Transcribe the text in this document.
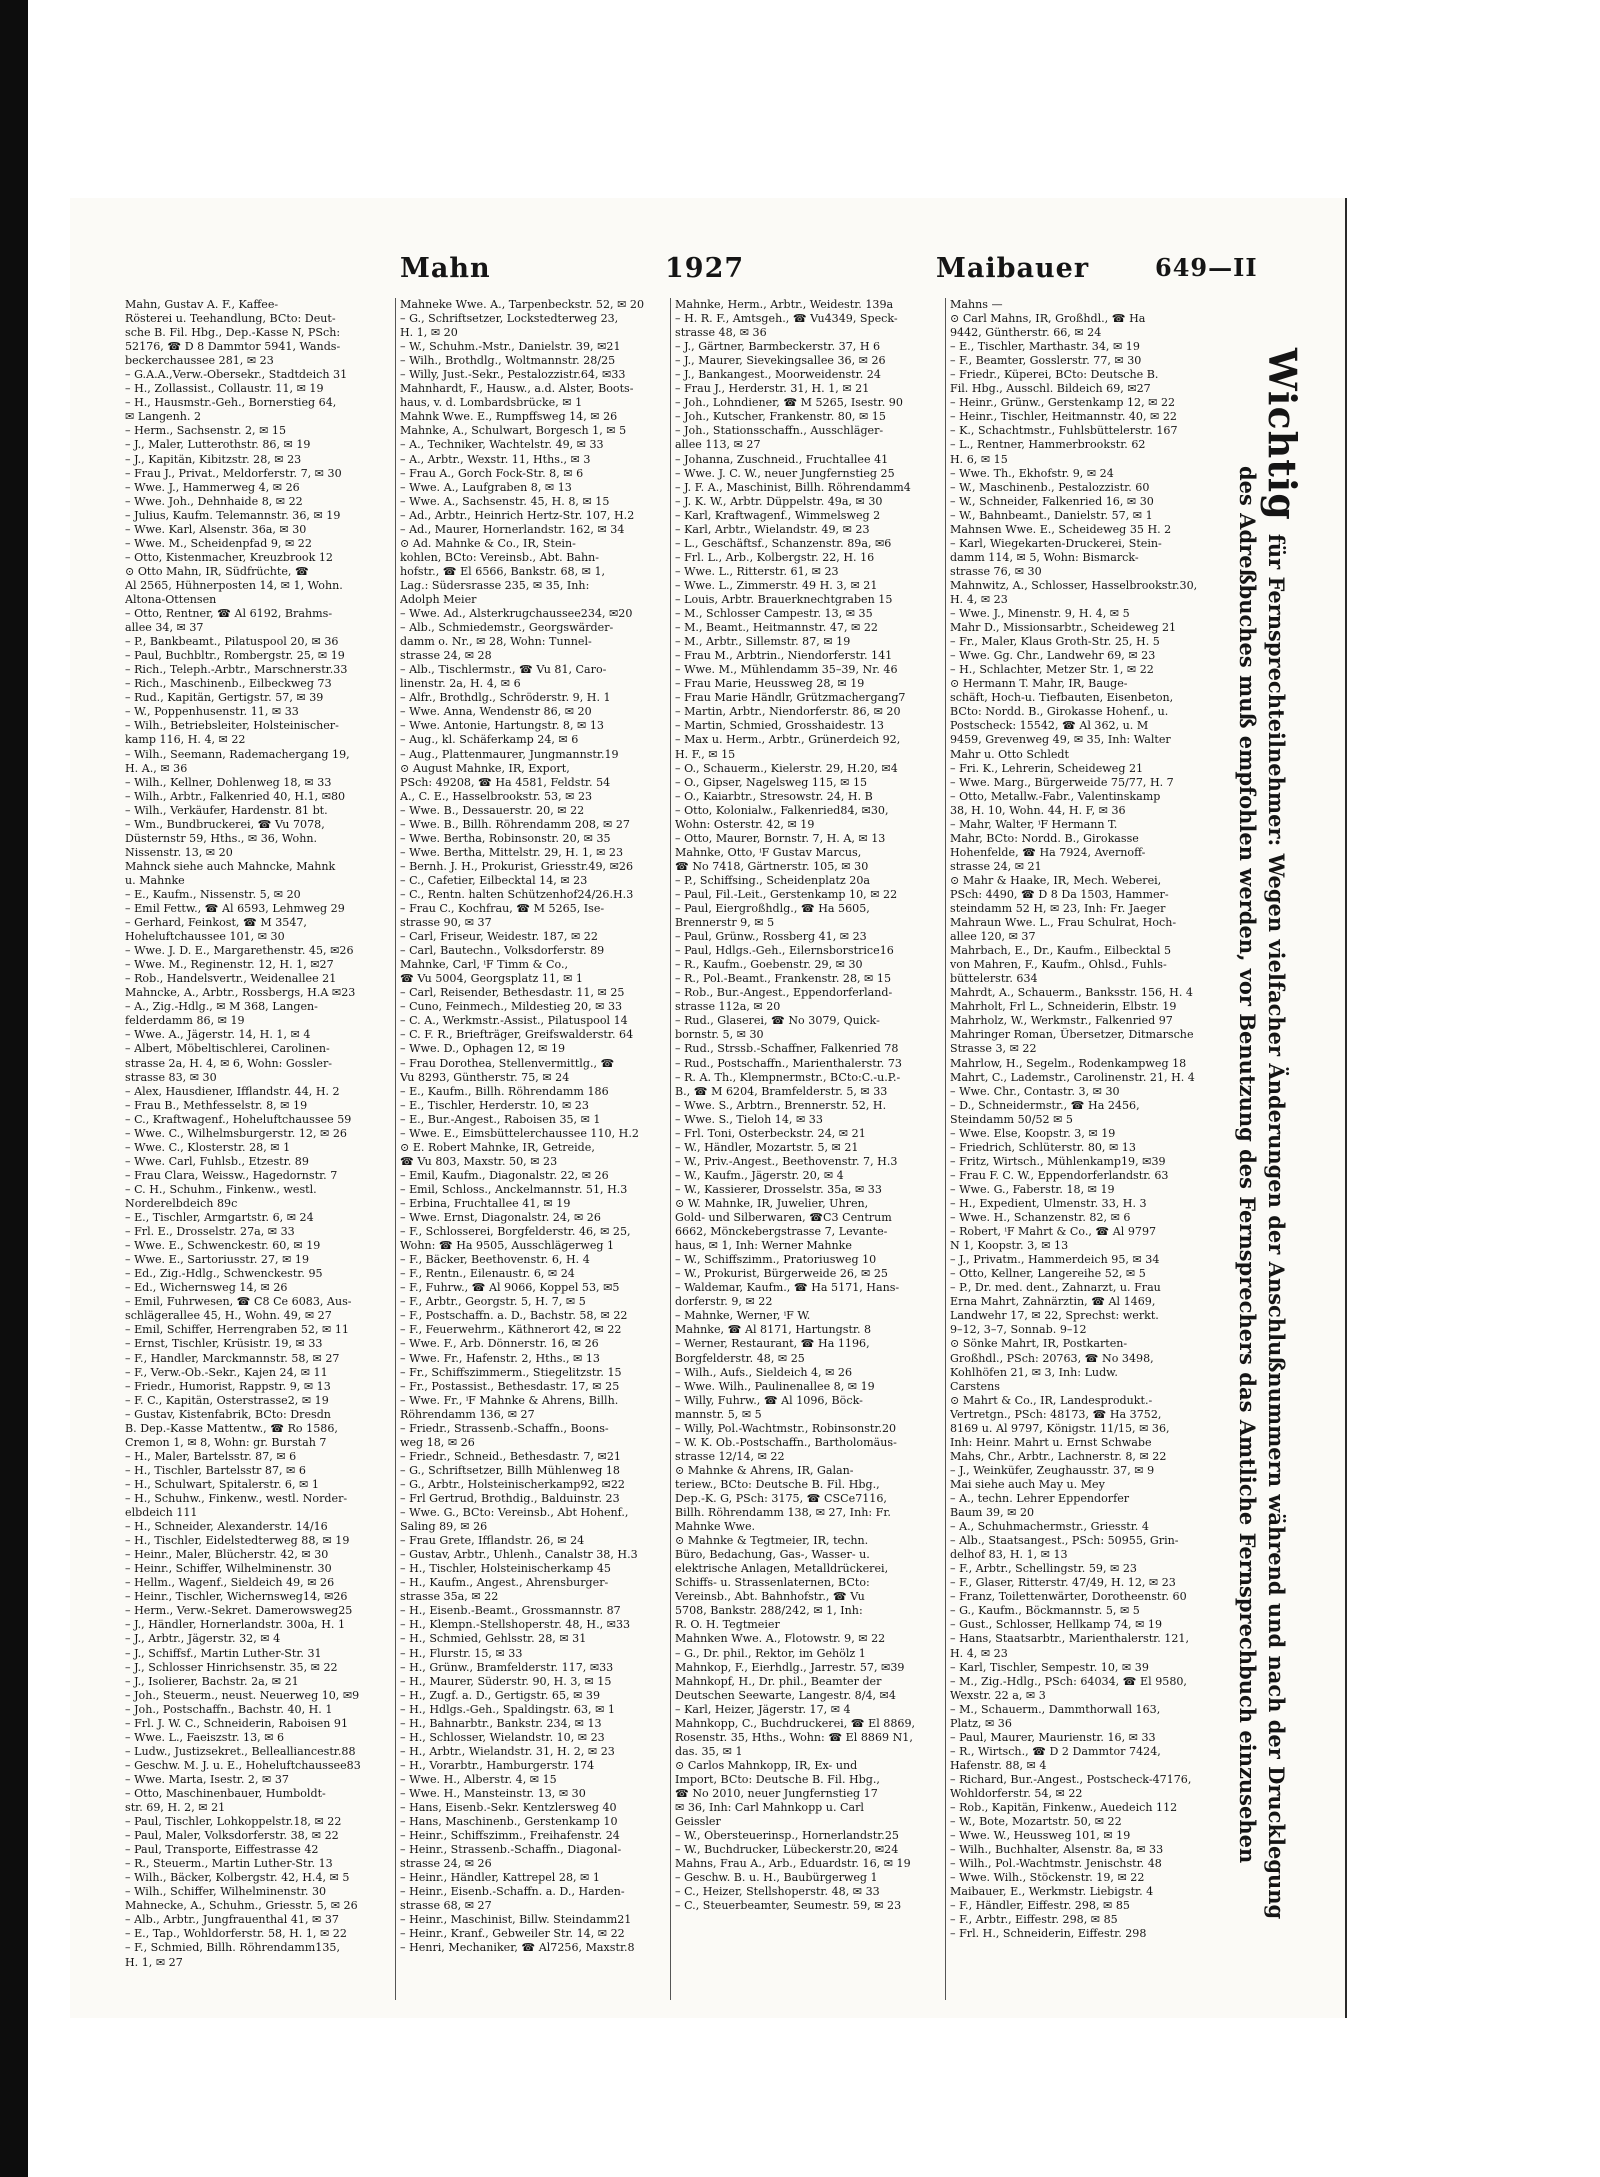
Mahn	1927	Maibauer	649—II
Mahn, Gustav A. F., Kaffee-
Rösterei u. Teehandlung, BCto: Deut-
sche B. Fil. Hbg., Dep.-Kasse N, PSch:
52176, ☎ D 8 Dammtor 5941, Wands-
beckerchaussee 281, ✉ 23
– G.A.A.,Verw.-Obersekr., Stadtdeich 31
– H., Zollassist., Collaustr. 11, ✉ 19
– H., Hausmstr.-Geh., Bornerstieg 64,
✉ Langenh. 2
– Herm., Sachsenstr. 2, ✉ 15
– J., Maler, Lutterothstr. 86, ✉ 19
– J., Kapitän, Kibitzstr. 28, ✉ 23
– Frau J., Privat., Meldorferstr. 7, ✉ 30
– Wwe. J., Hammerweg 4, ✉ 26
– Wwe. Joh., Dehnhaide 8, ✉ 22
– Julius, Kaufm. Telemannstr. 36, ✉ 19
– Wwe. Karl, Alsenstr. 36a, ✉ 30
– Wwe. M., Scheidenpfad 9, ✉ 22
– Otto, Kistenmacher, Kreuzbrook 12
⊙ Otto Mahn, IR, Südfrüchte, ☎
Al 2565, Hühnerposten 14, ✉ 1, Wohn.
Altona-Ottensen
– Otto, Rentner, ☎ Al 6192, Brahms-
allee 34, ✉ 37
– P., Bankbeamt., Pilatuspool 20, ✉ 36
– Paul, Buchbltr., Rombergstr. 25, ✉ 19
– Rich., Teleph.-Arbtr., Marschnerstr.33
– Rich., Maschinenb., Eilbeckweg 73
– Rud., Kapitän, Gertigstr. 57, ✉ 39
– W., Poppenhusenstr. 11, ✉ 33
– Wilh., Betriebsleiter, Holsteinischer-
kamp 116, H. 4, ✉ 22
– Wilh., Seemann, Rademachergang 19,
H. A., ✉ 36
– Wilh., Kellner, Dohlenweg 18, ✉ 33
– Wilh., Arbtr., Falkenried 40, H.1, ✉80
– Wilh., Verkäufer, Hardenstr. 81 bt.
– Wm., Bundbruckerei, ☎ Vu 7078,
Düsternstr 59, Hths., ✉ 36, Wohn.
Nissenstr. 13, ✉ 20
Mahnck siehe auch Mahncke, Mahnk
u. Mahnke
– E., Kaufm., Nissenstr. 5, ✉ 20
– Emil Fettw., ☎ Al 6593, Lehmweg 29
– Gerhard, Feinkost, ☎ M 3547,
Hoheluftchaussee 101, ✉ 30
– Wwe. J. D. E., Margarethenstr. 45, ✉26
– Wwe. M., Reginenstr. 12, H. 1, ✉27
– Rob., Handelsvertr., Weidenallee 21
Mahncke, A., Arbtr., Rossbergs, H.A ✉23
– A., Zig.-Hdlg., ✉ M 368, Langen-
felderdamm 86, ✉ 19
– Wwe. A., Jägerstr. 14, H. 1, ✉ 4
– Albert, Möbeltischlerei, Carolinen-
strasse 2a, H. 4, ✉ 6, Wohn: Gossler-
strasse 83, ✉ 30
– Alex, Hausdiener, Ifflandstr. 44, H. 2
– Frau B., Methfesselstr. 8, ✉ 19
– C., Kraftwagenf., Hoheluftchaussee 59
– Wwe. C., Wilhelmsburgerstr. 12, ✉ 26
– Wwe. C., Klosterstr. 28, ✉ 1
– Wwe. Carl, Fuhlsb., Etzestr. 89
– Frau Clara, Weissw., Hagedornstr. 7
– C. H., Schuhm., Finkenw., westl.
Norderelbdeich 89c
– E., Tischler, Armgartstr. 6, ✉ 24
– Frl. E., Drosselstr. 27a, ✉ 33
– Wwe. E., Schwenckestr. 60, ✉ 19
– Wwe. E., Sartoriusstr. 27, ✉ 19
– Ed., Zig.-Hdlg., Schwenckestr. 95
– Ed., Wichernsweg 14, ✉ 26
– Emil, Fuhrwesen, ☎ C8 Ce 6083, Aus-
schlägerallee 45, H., Wohn. 49, ✉ 27
– Emil, Schiffer, Herrengraben 52, ✉ 11
– Ernst, Tischler, Krüsistr. 19, ✉ 33
– F., Handler, Marckmannstr. 58, ✉ 27
– F., Verw.-Ob.-Sekr., Kajen 24, ✉ 11
– Friedr., Humorist, Rappstr. 9, ✉ 13
– F. C., Kapitän, Osterstrasse2, ✉ 19
– Gustav, Kistenfabrik, BCto: Dresdn
B. Dep.-Kasse Mattentw., ☎ Ro 1586,
Cremon 1, ✉ 8, Wohn: gr. Burstah 7
– H., Maler, Bartelsstr. 87, ✉ 6
– H., Tischler, Bartelsstr 87, ✉ 6
– H., Schulwart, Spitalerstr. 6, ✉ 1
– H., Schuhw., Finkenw., westl. Norder-
elbdeich 111
– H., Schneider, Alexanderstr. 14/16
– H., Tischler, Eidelstedterweg 88, ✉ 19
– Heinr., Maler, Blücherstr. 42, ✉ 30
– Heinr., Schiffer, Wilhelminenstr. 30
– Hellm., Wagenf., Sieldeich 49, ✉ 26
– Heinr., Tischler, Wichernsweg14, ✉26
– Herm., Verw.-Sekret. Damerowsweg25
– J., Händler, Hornerlandstr. 300a, H. 1
– J., Arbtr., Jägerstr. 32, ✉ 4
– J., Schiffsf., Martin Luther-Str. 31
– J., Schlosser Hinrichsenstr. 35, ✉ 22
– J., Isolierer, Bachstr. 2a, ✉ 21
– Joh., Steuerm., neust. Neuerweg 10, ✉9
– Joh., Postschaffn., Bachstr. 40, H. 1
– Frl. J. W. C., Schneiderin, Raboisen 91
– Wwe. L., Faeiszstr. 13, ✉ 6
– Ludw., Justizsekret., Bellealliancestr.88
– Geschw. M. J. u. E., Hoheluftchaussee83
– Wwe. Marta, Isestr. 2, ✉ 37
– Otto, Maschinenbauer, Humboldt-
str. 69, H. 2, ✉ 21
– Paul, Tischler, Lohkoppelstr.18, ✉ 22
– Paul, Maler, Volksdorferstr. 38, ✉ 22
– Paul, Transporte, Eiffestrasse 42
– R., Steuerm., Martin Luther-Str. 13
– Wilh., Bäcker, Kolbergstr. 42, H.4, ✉ 5
– Wilh., Schiffer, Wilhelminenstr. 30
Mahnecke, A., Schuhm., Griesstr. 5, ✉ 26
– Alb., Arbtr., Jungfrauenthal 41, ✉ 37
– E., Tap., Wohldorferstr. 58, H. 1, ✉ 22
– F., Schmied, Billh. Röhrendamm135,
H. 1, ✉ 27
Mahneke Wwe. A., Tarpenbeckstr. 52, ✉ 20
– G., Schriftsetzer, Lockstedterweg 23,
H. 1, ✉ 20
– W., Schuhm.-Mstr., Danielstr. 39, ✉21
– Wilh., Brothdlg., Woltmannstr. 28/25
– Willy, Just.-Sekr., Pestalozzistr.64, ✉33
Mahnhardt, F., Hausw., a.d. Alster, Boots-
haus, v. d. Lombardsbrücke, ✉ 1
Mahnk Wwe. E., Rumpffsweg 14, ✉ 26
Mahnke, A., Schulwart, Borgesch 1, ✉ 5
– A., Techniker, Wachtelstr. 49, ✉ 33
– A., Arbtr., Wexstr. 11, Hths., ✉ 3
– Frau A., Gorch Fock-Str. 8, ✉ 6
– Wwe. A., Laufgraben 8, ✉ 13
– Wwe. A., Sachsenstr. 45, H. 8, ✉ 15
– Ad., Arbtr., Heinrich Hertz-Str. 107, H.2
– Ad., Maurer, Hornerlandstr. 162, ✉ 34
⊙ Ad. Mahnke & Co., IR, Stein-
kohlen, BCto: Vereinsb., Abt. Bahn-
hofstr., ☎ El 6566, Bankstr. 68, ✉ 1,
Lag.: Südersrasse 235, ✉ 35, Inh:
Adolph Meier
– Wwe. Ad., Alsterkrugchaussee234, ✉20
– Alb., Schmiedemstr., Georgswärder-
damm o. Nr., ✉ 28, Wohn: Tunnel-
strasse 24, ✉ 28
– Alb., Tischlermstr., ☎ Vu 81, Caro-
linenstr. 2a, H. 4, ✉ 6
– Alfr., Brothdlg., Schröderstr. 9, H. 1
– Wwe. Anna, Wendenstr 86, ✉ 20
– Wwe. Antonie, Hartungstr. 8, ✉ 13
– Aug., kl. Schäferkamp 24, ✉ 6
– Aug., Plattenmaurer, Jungmannstr.19
⊙ August Mahnke, IR, Export,
PSch: 49208, ☎ Ha 4581, Feldstr. 54
A., C. E., Hasselbrookstr. 53, ✉ 23
– Wwe. B., Dessauerstr. 20, ✉ 22
– Wwe. B., Billh. Röhrendamm 208, ✉ 27
– Wwe. Bertha, Robinsonstr. 20, ✉ 35
– Wwe. Bertha, Mittelstr. 29, H. 1, ✉ 23
– Bernh. J. H., Prokurist, Griesstr.49, ✉26
– C., Cafetier, Eilbecktal 14, ✉ 23
– C., Rentn. halten Schützenhof24/26.H.3
– Frau C., Kochfrau, ☎ M 5265, Ise-
strasse 90, ✉ 37
– Carl, Friseur, Weidestr. 187, ✉ 22
– Carl, Bautechn., Volksdorferstr. 89
Mahnke, Carl, ⁱF Timm & Co.,
☎ Vu 5004, Georgsplatz 11, ✉ 1
– Carl, Reisender, Bethesdastr. 11, ✉ 25
– Cuno, Feinmech., Mildestieg 20, ✉ 33
– C. A., Werkmstr.-Assist., Pilatuspool 14
– C. F. R., Briefträger, Greifswalderstr. 64
– Wwe. D., Ophagen 12, ✉ 19
– Frau Dorothea, Stellenvermittlg., ☎
Vu 8293, Güntherstr. 75, ✉ 24
– E., Kaufm., Billh. Röhrendamm 186
– E., Tischler, Herderstr. 10, ✉ 23
– E., Bur.-Angest., Raboisen 35, ✉ 1
– Wwe. E., Eimsbüttelerchaussee 110, H.2
⊙ E. Robert Mahnke, IR, Getreide,
☎ Vu 803, Maxstr. 50, ✉ 23
– Emil, Kaufm., Diagonalstr. 22, ✉ 26
– Emil, Schloss., Anckelmannstr. 51, H.3
– Erbina, Fruchtallee 41, ✉ 19
– Wwe. Ernst, Diagonalstr. 24, ✉ 26
– F., Schlosserei, Borgfelderstr. 46, ✉ 25,
Wohn: ☎ Ha 9505, Ausschlägerweg 1
– F., Bäcker, Beethovenstr. 6, H. 4
– F., Rentn., Eilenaustr. 6, ✉ 24
– F., Fuhrw., ☎ Al 9066, Koppel 53, ✉5
– F., Arbtr., Georgstr. 5, H. 7, ✉ 5
– F., Postschaffn. a. D., Bachstr. 58, ✉ 22
– F., Feuerwehrm., Käthnerort 42, ✉ 22
– Wwe. F., Arb. Dönnerstr. 16, ✉ 26
– Wwe. Fr., Hafenstr. 2, Hths., ✉ 13
– Fr., Schiffszimmerm., Stiegelitzstr. 15
– Fr., Postassist., Bethesdastr. 17, ✉ 25
– Wwe. Fr., ⁱF Mahnke & Ahrens, Billh.
Röhrendamm 136, ✉ 27
– Friedr., Strassenb.-Schaffn., Boons-
weg 18, ✉ 26
– Friedr., Schneid., Bethesdastr. 7, ✉21
– G., Schriftsetzer, Billh Mühlenweg 18
– G., Arbtr., Holsteinischerkamp92, ✉22
– Frl Gertrud, Brothdig., Balduinstr. 23
– Wwe. G., BCto: Vereinsb., Abt Hohenf.,
Saling 89, ✉ 26
– Frau Grete, Ifflandstr. 26, ✉ 24
– Gustav, Arbtr., Uhlenh., Canalstr 38, H.3
– H., Tischler, Holsteinischerkamp 45
– H., Kaufm., Angest., Ahrensburger-
strasse 35a, ✉ 22
– H., Eisenb.-Beamt., Grossmannstr. 87
– H., Klempn.-Stellshoperstr. 48, H., ✉33
– H., Schmied, Gehlsstr. 28, ✉ 31
– H., Flurstr. 15, ✉ 33
– H., Grünw., Bramfelderstr. 117, ✉33
– H., Maurer, Süderstr. 90, H. 3, ✉ 15
– H., Zugf. a. D., Gertigstr. 65, ✉ 39
– H., Hdlgs.-Geh., Spaldingstr. 63, ✉ 1
– H., Bahnarbtr., Bankstr. 234, ✉ 13
– H., Schlosser, Wielandstr. 10, ✉ 23
– H., Arbtr., Wielandstr. 31, H. 2, ✉ 23
– H., Vorarbtr., Hamburgerstr. 174
– Wwe. H., Alberstr. 4, ✉ 15
– Wwe. H., Mansteinstr. 13, ✉ 30
– Hans, Eisenb.-Sekr. Kentzlersweg 40
– Hans, Maschinenb., Gerstenkamp 10
– Heinr., Schiffszimm., Freihafenstr. 24
– Heinr., Strassenb.-Schaffn., Diagonal-
strasse 24, ✉ 26
– Heinr., Händler, Kattrepel 28, ✉ 1
– Heinr., Eisenb.-Schaffn. a. D., Harden-
strasse 68, ✉ 27
– Heinr., Maschinist, Billw. Steindamm21
– Heinr., Kranf., Gebweiler Str. 14, ✉ 22
– Henri, Mechaniker, ☎ Al7256, Maxstr.8
Mahnke, Herm., Arbtr., Weidestr. 139a
– H. R. F., Amtsgeh., ☎ Vu4349, Speck-
strasse 48, ✉ 36
– J., Gärtner, Barmbeckerstr. 37, H 6
– J., Maurer, Sievekingsallee 36, ✉ 26
– J., Bankangest., Moorweidenstr. 24
– Frau J., Herderstr. 31, H. 1, ✉ 21
– Joh., Lohndiener, ☎ M 5265, Isestr. 90
– Joh., Kutscher, Frankenstr. 80, ✉ 15
– Joh., Stationsschaffn., Ausschläger-
allee 113, ✉ 27
– Johanna, Zuschneid., Fruchtallee 41
– Wwe. J. C. W., neuer Jungfernstieg 25
– J. F. A., Maschinist, Billh. Röhrendamm4
– J. K. W., Arbtr. Düppelstr. 49a, ✉ 30
– Karl, Kraftwagenf., Wimmelsweg 2
– Karl, Arbtr., Wielandstr. 49, ✉ 23
– L., Geschäftsf., Schanzenstr. 89a, ✉6
– Frl. L., Arb., Kolbergstr. 22, H. 16
– Wwe. L., Ritterstr. 61, ✉ 23
– Wwe. L., Zimmerstr. 49 H. 3, ✉ 21
– Louis, Arbtr. Brauerknechtgraben 15
– M., Schlosser Campestr. 13, ✉ 35
– M., Beamt., Heitmannstr. 47, ✉ 22
– M., Arbtr., Sillemstr. 87, ✉ 19
– Frau M., Arbtrin., Niendorferstr. 141
– Wwe. M., Mühlendamm 35–39, Nr. 46
– Frau Marie, Heussweg 28, ✉ 19
– Frau Marie Händlr, Grützmachergang7
– Martin, Arbtr., Niendorferstr. 86, ✉ 20
– Martin, Schmied, Grosshaidestr. 13
– Max u. Herm., Arbtr., Grünerdeich 92,
H. F., ✉ 15
– O., Schauerm., Kielerstr. 29, H.20, ✉4
– O., Gipser, Nagelsweg 115, ✉ 15
– O., Kaiarbtr., Stresowstr. 24, H. B
– Otto, Kolonialw., Falkenried84, ✉30,
Wohn: Osterstr. 42, ✉ 19
– Otto, Maurer, Bornstr. 7, H. A, ✉ 13
Mahnke, Otto, ⁱF Gustav Marcus,
☎ No 7418, Gärtnerstr. 105, ✉ 30
– P., Schiffsing., Scheidenplatz 20a
– Paul, Fil.-Leit., Gerstenkamp 10, ✉ 22
– Paul, Eiergroßhdlg., ☎ Ha 5605,
Brennerstr 9, ✉ 5
– Paul, Grünw., Rossberg 41, ✉ 23
– Paul, Hdlgs.-Geh., Eilernsborstrice16
– R., Kaufm., Goebenstr. 29, ✉ 30
– R., Pol.-Beamt., Frankenstr. 28, ✉ 15
– Rob., Bur.-Angest., Eppendorferland-
strasse 112a, ✉ 20
– Rud., Glaserei, ☎ No 3079, Quick-
bornstr. 5, ✉ 30
– Rud., Strssb.-Schaffner, Falkenried 78
– Rud., Postschaffn., Marienthalerstr. 73
– R. A. Th., Klempnermstr., BCto:C.-u.P.-
B., ☎ M 6204, Bramfelderstr. 5, ✉ 33
– Wwe. S., Arbtrn., Brennerstr. 52, H.
– Wwe. S., Tieloh 14, ✉ 33
– Frl. Toni, Osterbeckstr. 24, ✉ 21
– W., Händler, Mozartstr. 5, ✉ 21
– W., Priv.-Angest., Beethovenstr. 7, H.3
– W., Kaufm., Jägerstr. 20, ✉ 4
– W., Kassierer, Drosselstr. 35a, ✉ 33
⊙ W. Mahnke, IR, Juwelier, Uhren,
Gold- und Silberwaren, ☎C3 Centrum
6662, Mönckebergstrasse 7, Levante-
haus, ✉ 1, Inh: Werner Mahnke
– W., Schiffszimm., Pratoriusweg 10
– W., Prokurist, Bürgerweide 26, ✉ 25
– Waldemar, Kaufm., ☎ Ha 5171, Hans-
dorferstr. 9, ✉ 22
– Mahnke, Werner, ⁱF W.
Mahnke, ☎ Al 8171, Hartungstr. 8
– Werner, Restaurant, ☎ Ha 1196,
Borgfelderstr. 48, ✉ 25
– Wilh., Aufs., Sieldeich 4, ✉ 26
– Wwe. Wilh., Paulinenallee 8, ✉ 19
– Willy, Fuhrw., ☎ Al 1096, Böck-
mannstr. 5, ✉ 5
– Willy, Pol.-Wachtmstr., Robinsonstr.20
– W. K. Ob.-Postschaffn., Bartholomäus-
strasse 12/14, ✉ 22
⊙ Mahnke & Ahrens, IR, Galan-
teriew., BCto: Deutsche B. Fil. Hbg.,
Dep.-K. G, PSch: 3175, ☎ CSCe7116,
Billh. Röhrendamm 138, ✉ 27, Inh: Fr.
Mahnke Wwe.
⊙ Mahnke & Tegtmeier, IR, techn.
Büro, Bedachung, Gas-, Wasser- u.
elektrische Anlagen, Metalldrückerei,
Schiffs- u. Strassenlaternen, BCto:
Vereinsb., Abt. Bahnhofstr., ☎ Vu
5708, Bankstr. 288/242, ✉ 1, Inh:
R. O. H. Tegtmeier
Mahnken Wwe. A., Flotowstr. 9, ✉ 22
– G., Dr. phil., Rektor, im Gehölz 1
Mahnkop, F., Eierhdlg., Jarrestr. 57, ✉39
Mahnkopf, H., Dr. phil., Beamter der
Deutschen Seewarte, Langestr. 8/4, ✉4
– Karl, Heizer, Jägerstr. 17, ✉ 4
Mahnkopp, C., Buchdruckerei, ☎ El 8869,
Rosenstr. 35, Hths., Wohn: ☎ El 8869 N1,
das. 35, ✉ 1
⊙ Carlos Mahnkopp, IR, Ex- und
Import, BCto: Deutsche B. Fil. Hbg.,
☎ No 2010, neuer Jungfernstieg 17
✉ 36, Inh: Carl Mahnkopp u. Carl
Geissler
– W., Obersteuerinsp., Hornerlandstr.25
– W., Buchdrucker, Lübeckerstr.20, ✉24
Mahns, Frau A., Arb., Eduardstr. 16, ✉ 19
– Geschw. B. u. H., Baubürgerweg 1
– C., Heizer, Stellshoperstr. 48, ✉ 33
– C., Steuerbeamter, Seumestr. 59, ✉ 23
Mahns —
⊙ Carl Mahns, IR, Großhdl., ☎ Ha
9442, Güntherstr. 66, ✉ 24
– E., Tischler, Marthastr. 34, ✉ 19
– F., Beamter, Gosslerstr. 77, ✉ 30
– Friedr., Küperei, BCto: Deutsche B.
Fil. Hbg., Ausschl. Bildeich 69, ✉27
– Heinr., Grünw., Gerstenkamp 12, ✉ 22
– Heinr., Tischler, Heitmannstr. 40, ✉ 22
– K., Schachtmstr., Fuhlsbüttelerstr. 167
– L., Rentner, Hammerbrookstr. 62
H. 6, ✉ 15
– Wwe. Th., Ekhofstr. 9, ✉ 24
– W., Maschinenb., Pestalozzistr. 60
– W., Schneider, Falkenried 16, ✉ 30
– W., Bahnbeamt., Danielstr. 57, ✉ 1
Mahnsen Wwe. E., Scheideweg 35 H. 2
– Karl, Wiegekarten-Druckerei, Stein-
damm 114, ✉ 5, Wohn: Bismarck-
strasse 76, ✉ 30
Mahnwitz, A., Schlosser, Hasselbrookstr.30,
H. 4, ✉ 23
– Wwe. J., Minenstr. 9, H. 4, ✉ 5
Mahr D., Missionsarbtr., Scheideweg 21
– Fr., Maler, Klaus Groth-Str. 25, H. 5
– Wwe. Gg. Chr., Landwehr 69, ✉ 23
– H., Schlachter, Metzer Str. 1, ✉ 22
⊙ Hermann T. Mahr, IR, Bauge-
schäft, Hoch-u. Tiefbauten, Eisenbeton,
BCto: Nordd. B., Girokasse Hohenf., u.
Postscheck: 15542, ☎ Al 362, u. M
9459, Grevenweg 49, ✉ 35, Inh: Walter
Mahr u. Otto Schledt
– Fri. K., Lehrerin, Scheideweg 21
– Wwe. Marg., Bürgerweide 75/77, H. 7
– Otto, Metallw.-Fabr., Valentinskamp
38, H. 10, Wohn. 44, H. F, ✉ 36
– Mahr, Walter, ⁱF Hermann T.
Mahr, BCto: Nordd. B., Girokasse
Hohenfelde, ☎ Ha 7924, Avernoff-
strasse 24, ✉ 21
⊙ Mahr & Haake, IR, Mech. Weberei,
PSch: 4490, ☎ D 8 Da 1503, Hammer-
steindamm 52 H, ✉ 23, Inh: Fr. Jaeger
Mahraun Wwe. L., Frau Schulrat, Hoch-
allee 120, ✉ 37
Mahrbach, E., Dr., Kaufm., Eilbecktal 5
von Mahren, F., Kaufm., Ohlsd., Fuhls-
büttelerstr. 634
Mahrdt, A., Schauerm., Banksstr. 156, H. 4
Mahrholt, Frl L., Schneiderin, Elbstr. 19
Mahrholz, W., Werkmstr., Falkenried 97
Mahringer Roman, Übersetzer, Ditmarsche
Strasse 3, ✉ 22
Mahrlow, H., Segelm., Rodenkampweg 18
Mahrt, C., Lademstr., Carolinenstr. 21, H. 4
– Wwe. Chr., Contastr. 3, ✉ 30
– D., Schneidermstr., ☎ Ha 2456,
Steindamm 50/52 ✉ 5
– Wwe. Else, Koopstr. 3, ✉ 19
– Friedrich, Schlüterstr. 80, ✉ 13
– Fritz, Wirtsch., Mühlenkamp19, ✉39
– Frau F. C. W., Eppendorferlandstr. 63
– Wwe. G., Faberstr. 18, ✉ 19
– H., Expedient, Ulmenstr. 33, H. 3
– Wwe. H., Schanzenstr. 82, ✉ 6
– Robert, ⁱF Mahrt & Co., ☎ Al 9797
N 1, Koopstr. 3, ✉ 13
– J., Privatm., Hammerdeich 95, ✉ 34
– Otto, Kellner, Langereihe 52, ✉ 5
– P., Dr. med. dent., Zahnarzt, u. Frau
Erna Mahrt, Zahnärztin, ☎ Al 1469,
Landwehr 17, ✉ 22, Sprechst: werkt.
9–12, 3–7, Sonnab. 9–12
⊙ Sönke Mahrt, IR, Postkarten-
Großhdl., PSch: 20763, ☎ No 3498,
Kohlhöfen 21, ✉ 3, Inh: Ludw.
Carstens
⊙ Mahrt & Co., IR, Landesprodukt.-
Vertretgn., PSch: 48173, ☎ Ha 3752,
8169 u. Al 9797, Königstr. 11/15, ✉ 36,
Inh: Heinr. Mahrt u. Ernst Schwabe
Mahs, Chr., Arbtr., Lachnerstr. 8, ✉ 22
– J., Weinküfer, Zeughausstr. 37, ✉ 9
Mai siehe auch May u. Mey
– A., techn. Lehrer Eppendorfer
Baum 39, ✉ 20
– A., Schuhmachermstr., Griesstr. 4
– Alb., Staatsangest., PSch: 50955, Grin-
delhof 83, H. 1, ✉ 13
– F., Arbtr., Schellingstr. 59, ✉ 23
– F., Glaser, Ritterstr. 47/49, H. 12, ✉ 23
– Franz, Toilettenwärter, Dorotheenstr. 60
– G., Kaufm., Böckmannstr. 5, ✉ 5
– Gust., Schlosser, Hellkamp 74, ✉ 19
– Hans, Staatsarbtr., Marienthalerstr. 121,
H. 4, ✉ 23
– Karl, Tischler, Sempestr. 10, ✉ 39
– M., Zig.-Hdlg., PSch: 64034, ☎ El 9580,
Wexstr. 22 a, ✉ 3
– M., Schauerm., Dammthorwall 163,
Platz, ✉ 36
– Paul, Maurer, Maurienstr. 16, ✉ 33
– R., Wirtsch., ☎ D 2 Dammtor 7424,
Hafenstr. 88, ✉ 4
– Richard, Bur.-Angest., Postscheck-47176,
Wohldorferstr. 54, ✉ 22
– Rob., Kapitän, Finkenw., Auedeich 112
– W., Bote, Mozartstr. 50, ✉ 22
– Wwe. W., Heussweg 101, ✉ 19
– Wilh., Buchhalter, Alsenstr. 8a, ✉ 33
– Wilh., Pol.-Wachtmstr. Jenischstr. 48
– Wwe. Wilh., Stöckenstr. 19, ✉ 22
Maibauer, E., Werkmstr. Liebigstr. 4
– F., Händler, Eiffestr. 298, ✉ 85
– F., Arbtr., Eiffestr. 298, ✉ 85
– Frl. H., Schneiderin, Eiffestr. 298
Wichtig für Fernsprechteilnehmer: Wegen vielfacher Änderungen der Anschlußnummern während und nach der Drucklegung
des Adreßbuches muß empfohlen werden, vor Benutzung des Fernsprechers das Amtliche Fernsprechbuch einzusehen
